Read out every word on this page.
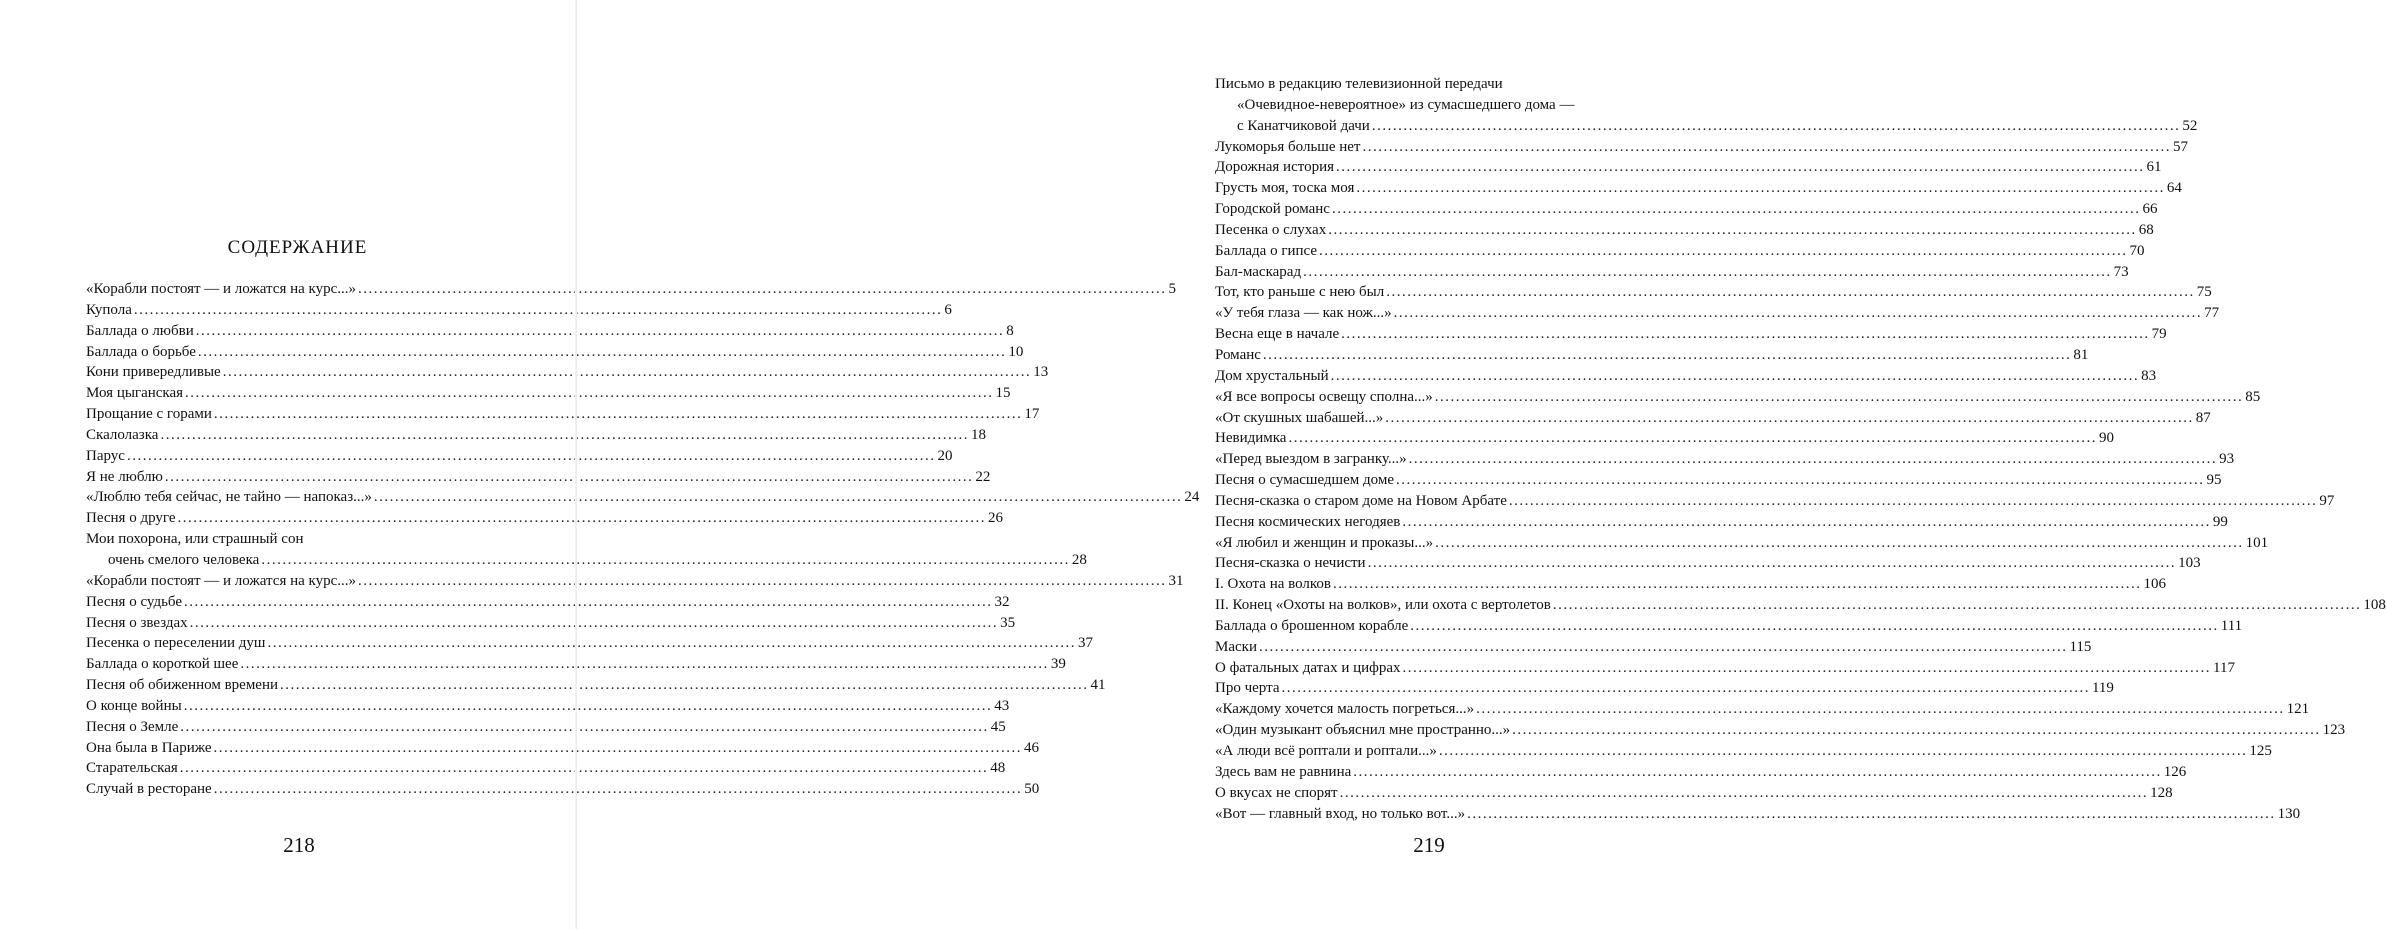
СОДЕРЖАНИЕ
«Корабли постоят — и ложатся на курс...» .....	5
Купола .....	6
Баллада о любви .....	8
Баллада о борьбе .....	10
Кони привередливые .....	13
Моя цыганская .....	15
Прощание с горами .....	17
Скалолазка .....	18
Парус .....	20
Я не люблю .....	22
«Люблю тебя сейчас, не тайно — напоказ...» .....	24
Песня о друге .....	26
Мои похорона, или страшный сон
очень смелого человека .....	28
«Корабли постоят — и ложатся на курс...» .....	31
Песня о судьбе .....	32
Песня о звездах .....	35
Песенка о переселении душ .....	37
Баллада о короткой шее .....	39
Песня об обиженном времени .....	41
О конце войны .....	43
Песня о Земле .....	45
Она была в Париже .....	46
Старательская .....	48
Случай в ресторане .....	50
218
Письмо в редакцию телевизионной передачи
«Очевидное-невероятное» из сумасшедшего дома —
с Канатчиковой дачи .....	52
Лукоморья больше нет .....	57
Дорожная история .....	61
Грусть моя, тоска моя .....	64
Городской романс .....	66
Песенка о слухах .....	68
Баллада о гипсе .....	70
Бал-маскарад .....	73
Тот, кто раньше с нею был .....	75
«У тебя глаза — как нож...» .....	77
Весна еще в начале .....	79
Романс .....	81
Дом хрустальный .....	83
«Я все вопросы освещу сполна...» .....	85
«От скушных шабашей...» .....	87
Невидимка .....	90
«Перед выездом в загранку...» .....	93
Песня о сумасшедшем доме .....	95
Песня-сказка о старом доме на Новом Арбате .....	97
Песня космических негодяев .....	99
«Я любил и женщин и проказы...» .....	101
Песня-сказка о нечисти .....	103
I. Охота на волков .....	106
II. Конец «Охоты на волков», или охота с вертолетов .....	108
Баллада о брошенном корабле .....	111
Маски .....	115
О фатальных датах и цифрах .....	117
Про черта .....	119
«Каждому хочется малость погреться...» .....	121
«Один музыкант объяснил мне пространно...» .....	123
«А люди всё роптали и роптали...» .....	125
Здесь вам не равнина .....	126
О вкусах не спорят .....	128
«Вот — главный вход, но только вот...» .....	130
219
